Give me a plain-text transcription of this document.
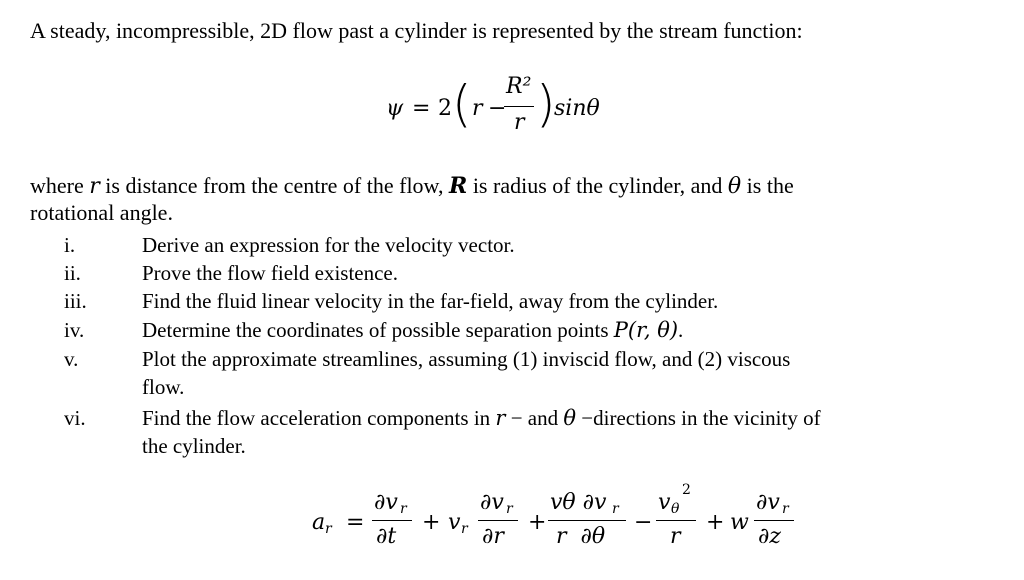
A steady, incompressible, 2D flow past a cylinder is represented by the stream function:
ψ = 2 ( r −
R²
r )
sinθ
where r is distance from the centre of the flow, R is radius of the cylinder, and θ is the
rotational angle.
i.	Derive an expression for the velocity vector.
ii.	Prove the flow field existence.
iii.	Find the fluid linear velocity in the far-field, away from the cylinder.
iv.	Determine the coordinates of possible separation points P(r, θ).
v.	Plot the approximate streamlines, assuming (1) inviscid flow, and (2) viscous
flow.
vi.	Find the flow acceleration components in r − and θ −directions in the vicinity of
the cylinder.
a r =
∂v r
∂t
+ v r
∂v r
∂r
+
vθ ∂v r
r  ∂θ
−
v θ
2
r
+ w
∂v r
∂z
